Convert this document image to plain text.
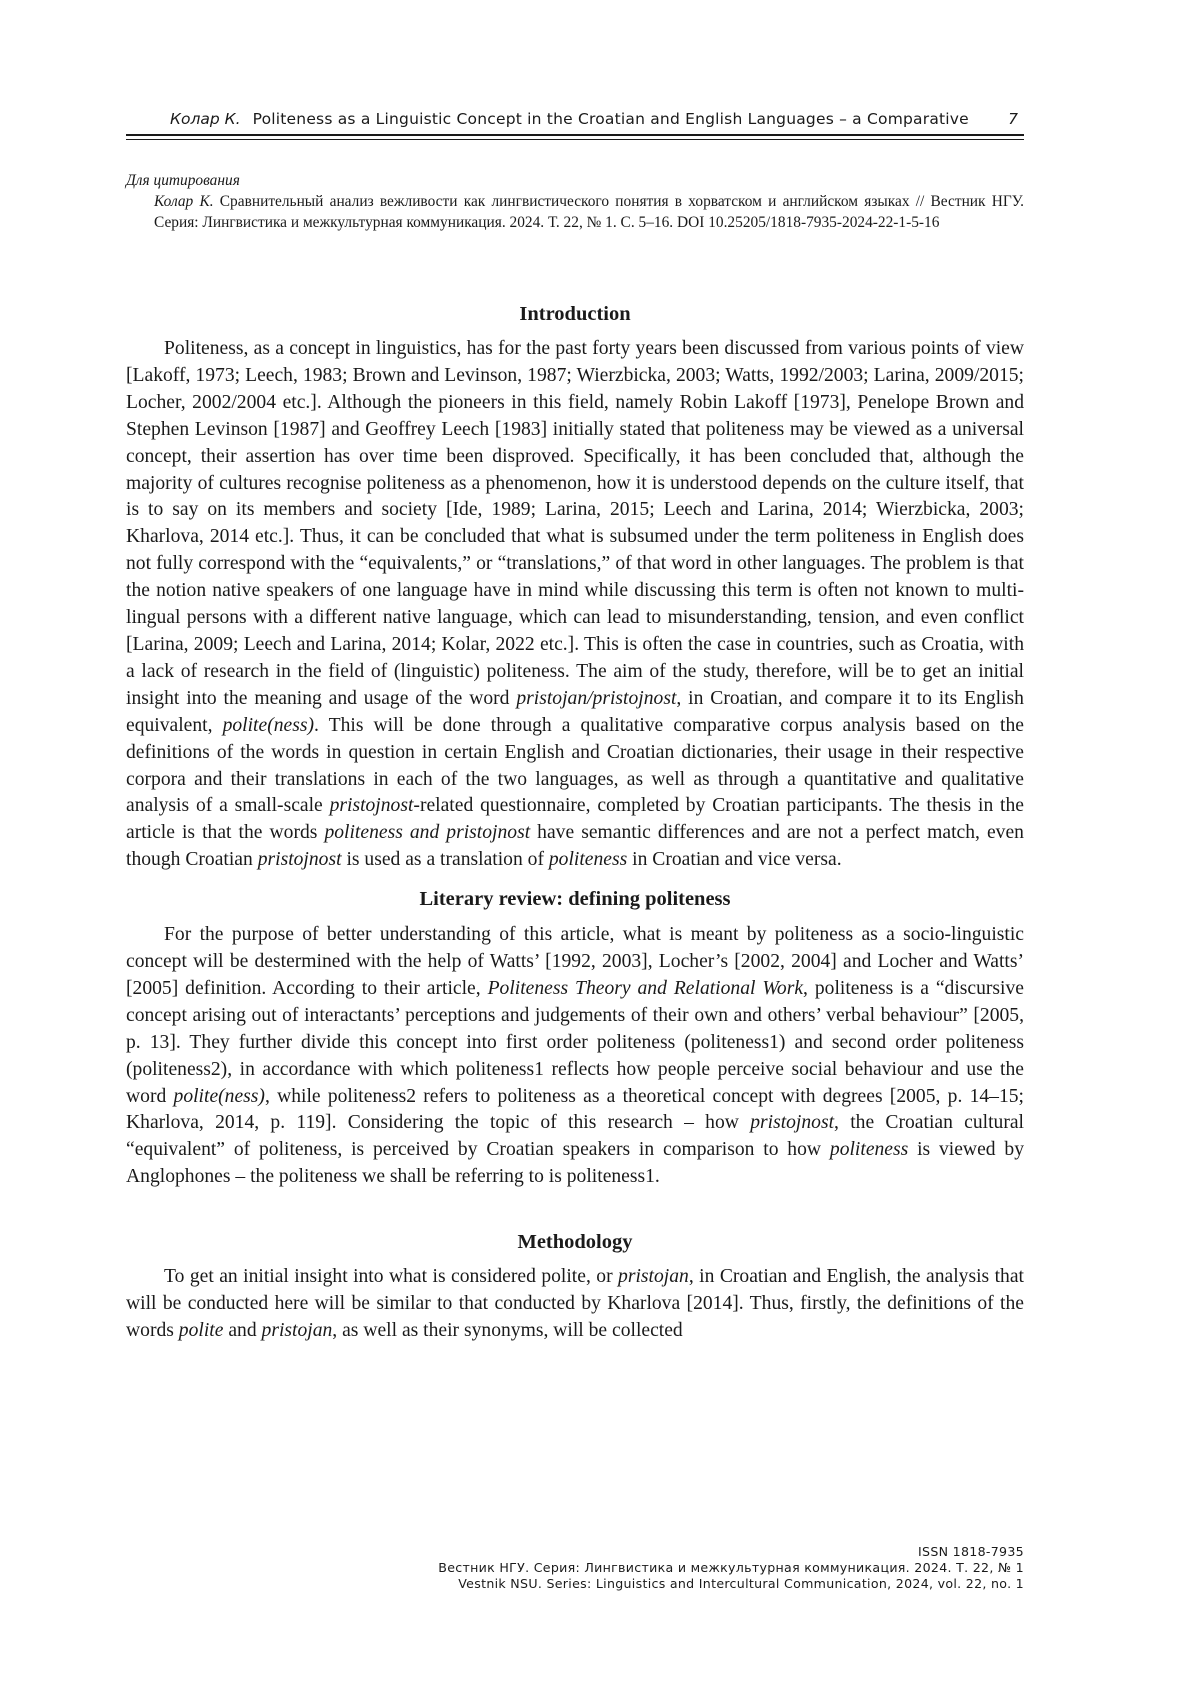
Колар К. Politeness as a Linguistic Concept in the Croatian and English Languages – a Comparative	7
Для цитирования
Колар К. Сравнительный анализ вежливости как лингвистического понятия в хорватском и английском языках // Вестник НГУ. Серия: Лингвистика и межкультурная коммуникация. 2024. Т. 22, № 1. С. 5–16. DOI 10.25205/1818-7935-2024-22-1-5-16
Introduction

Politeness, as a concept in linguistics, has for the past forty years been discussed from various points of view [Lakoff, 1973; Leech, 1983; Brown and Levinson, 1987; Wierzbicka, 2003; Watts, 1992/2003; Larina, 2009/2015; Locher, 2002/2004 etc.]. Although the pioneers in this field, namely Robin Lakoff [1973], Penelope Brown and Stephen Levinson [1987] and Geoffrey Leech [1983] initially stated that politeness may be viewed as a universal concept, their assertion has over time been disproved. Specifically, it has been concluded that, although the majority of cultures recognise politeness as a phenomenon, how it is understood depends on the culture itself, that is to say on its members and society [Ide, 1989; Larina, 2015; Leech and Larina, 2014; Wierzbicka, 2003; Kharlova, 2014 etc.]. Thus, it can be concluded that what is subsumed under the term politeness in English does not fully correspond with the “equivalents,” or “translations,” of that word in other languages. The problem is that the notion native speakers of one language have in mind while discussing this term is often not known to multi-lingual persons with a different native language, which can lead to misunderstanding, tension, and even conflict [Larina, 2009; Leech and Larina, 2014; Kolar, 2022 etc.]. This is often the case in countries, such as Croatia, with a lack of research in the field of (linguistic) politeness. The aim of the study, therefore, will be to get an initial insight into the meaning and usage of the word pristojan/pristojnost, in Croatian, and compare it to its English equivalent, polite(ness). This will be done through a qualitative comparative corpus analysis based on the definitions of the words in question in certain English and Croatian dictionaries, their usage in their respective corpora and their translations in each of the two languages, as well as through a quantitative and qualitative analysis of a small-scale pristojnost-related questionnaire, completed by Croatian participants. The thesis in the article is that the words politeness and pristojnost have semantic differences and are not a perfect match, even though Croatian pristojnost is used as a translation of politeness in Croatian and vice versa.

Literary review: defining politeness

For the purpose of better understanding of this article, what is meant by politeness as a socio-linguistic concept will be destermined with the help of Watts’ [1992, 2003], Locher’s [2002, 2004] and Locher and Watts’ [2005] definition. According to their article, Politeness Theory and Relational Work, politeness is a “discursive concept arising out of interactants’ perceptions and judgements of their own and others’ verbal behaviour” [2005, p. 13]. They further divide this concept into first order politeness (politeness1) and second order politeness (politeness2), in accordance with which politeness1 reflects how people perceive social behaviour and use the word polite(ness), while politeness2 refers to politeness as a theoretical concept with degrees [2005, p. 14–15; Kharlova, 2014, p. 119]. Considering the topic of this research – how pristojnost, the Croatian cultural “equivalent” of politeness, is perceived by Croatian speakers in comparison to how politeness is viewed by Anglophones – the politeness we shall be referring to is politeness1.

Methodology

To get an initial insight into what is considered polite, or pristojan, in Croatian and English, the analysis that will be conducted here will be similar to that conducted by Kharlova [2014]. Thus, firstly, the definitions of the words polite and pristojan, as well as their synonyms, will be collected

ISSN 1818-7935
Вестник НГУ. Серия: Лингвистика и межкультурная коммуникация. 2024. Т. 22, № 1
Vestnik NSU. Series: Linguistics and Intercultural Communication, 2024, vol. 22, no. 1
